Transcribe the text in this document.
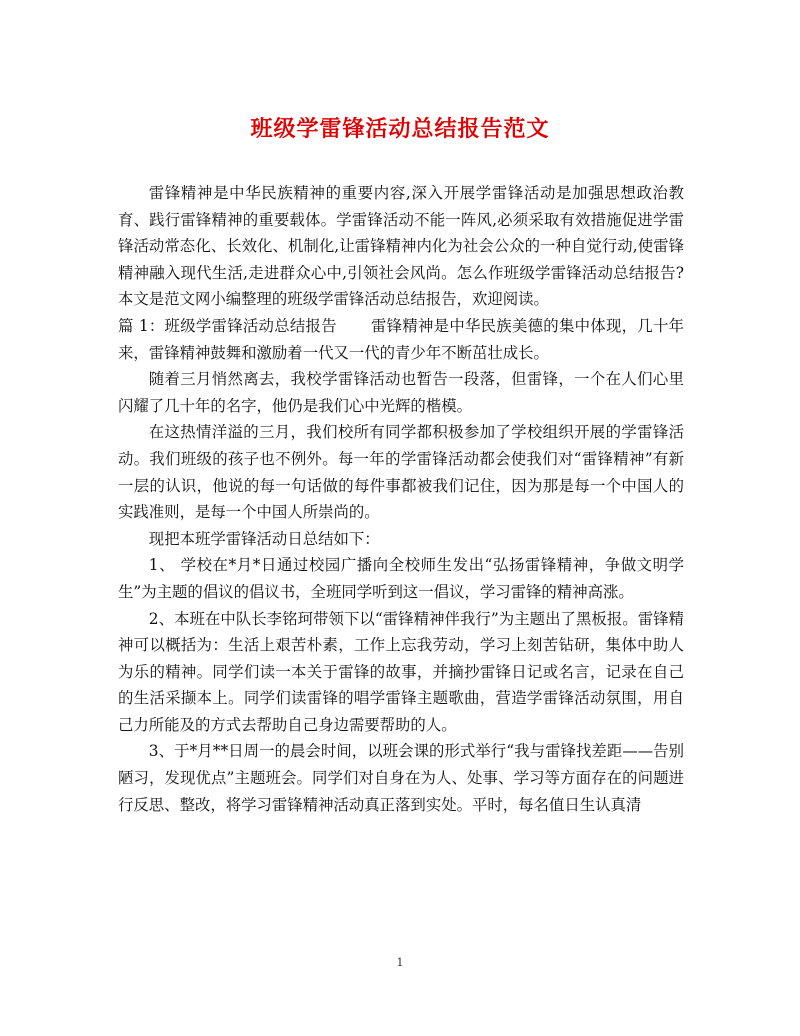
班级学雷锋活动总结报告范文

雷锋精神是中华民族精神的重要内容,深入开展学雷锋活动是加强思想政治教育、践行雷锋精神的重要载体。学雷锋活动不能一阵风,必须采取有效措施促进学雷锋活动常态化、长效化、机制化,让雷锋精神内化为社会公众的一种自觉行动,使雷锋精神融入现代生活,走进群众心中,引领社会风尚。怎么作班级学雷锋活动总结报告?本文是范文网小编整理的班级学雷锋活动总结报告，欢迎阅读。

篇 1：班级学雷锋活动总结报告 雷锋精神是中华民族美德的集中体现，几十年来，雷锋精神鼓舞和激励着一代又一代的青少年不断茁壮成长。

随着三月悄然离去，我校学雷锋活动也暂告一段落，但雷锋，一个在人们心里闪耀了几十年的名字，他仍是我们心中光辉的楷模。

在这热情洋溢的三月，我们校所有同学都积极参加了学校组织开展的学雷锋活动。我们班级的孩子也不例外。每一年的学雷锋活动都会使我们对“雷锋精神”有新一层的认识，他说的每一句话做的每件事都被我们记住，因为那是每一个中国人的实践准则，是每一个中国人所崇尚的。

现把本班学雷锋活动日总结如下：

1、 学校在*月*日通过校园广播向全校师生发出“弘扬雷锋精神，争做文明学生”为主题的倡议的倡议书，全班同学听到这一倡议，学习雷锋的精神高涨。

2、本班在中队长李铭珂带领下以“雷锋精神伴我行”为主题出了黑板报。雷锋精神可以概括为：生活上艰苦朴素，工作上忘我劳动，学习上刻苦钻研，集体中助人为乐的精神。同学们读一本关于雷锋的故事，并摘抄雷锋日记或名言，记录在自己的生活采撷本上。同学们读雷锋的唱学雷锋主题歌曲，营造学雷锋活动氛围，用自己力所能及的方式去帮助自己身边需要帮助的人。

3、于*月**日周一的晨会时间，以班会课的形式举行“我与雷锋找差距——告别陋习，发现优点”主题班会。同学们对自身在为人、处事、学习等方面存在的问题进行反思、整改，将学习雷锋精神活动真正落到实处。平时，每名值日生认真清

1
